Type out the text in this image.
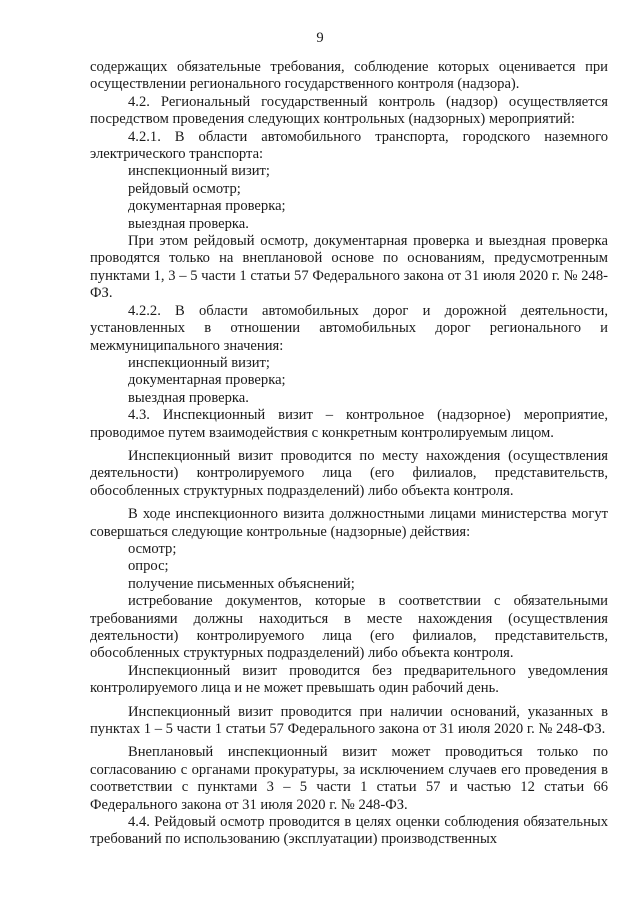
9

содержащих обязательные требования, соблюдение которых оценивается при осуществлении регионального государственного контроля (надзора).

4.2. Региональный государственный контроль (надзор) осуществляется посредством проведения следующих контрольных (надзорных) мероприятий:

4.2.1. В области автомобильного транспорта, городского наземного электрического транспорта:

инспекционный визит;

рейдовый осмотр;

документарная проверка;

выездная проверка.

При этом рейдовый осмотр, документарная проверка и выездная проверка проводятся только на внеплановой основе по основаниям, предусмотренным пунктами 1, 3 – 5 части 1 статьи 57 Федерального закона от 31 июля 2020 г. № 248-ФЗ.

4.2.2. В области автомобильных дорог и дорожной деятельности, установленных в отношении автомобильных дорог регионального и межмуниципального значения:

инспекционный визит;

документарная проверка;

выездная проверка.

4.3. Инспекционный визит – контрольное (надзорное) мероприятие, проводимое путем взаимодействия с конкретным контролируемым лицом.

Инспекционный визит проводится по месту нахождения (осуществления деятельности) контролируемого лица (его филиалов, представительств, обособленных структурных подразделений) либо объекта контроля.

В ходе инспекционного визита должностными лицами министерства могут совершаться следующие контрольные (надзорные) действия:

осмотр;

опрос;

получение письменных объяснений;

истребование документов, которые в соответствии с обязательными требованиями должны находиться в месте нахождения (осуществления деятельности) контролируемого лица (его филиалов, представительств, обособленных структурных подразделений) либо объекта контроля.

Инспекционный визит проводится без предварительного уведомления контролируемого лица и не может превышать один рабочий день.

Инспекционный визит проводится при наличии оснований, указанных в пунктах 1 – 5 части 1 статьи 57 Федерального закона от 31 июля 2020 г. № 248-ФЗ.

Внеплановый инспекционный визит может проводиться только по согласованию с органами прокуратуры, за исключением случаев его проведения в соответствии с пунктами 3 – 5 части 1 статьи 57 и частью 12 статьи 66 Федерального закона от 31 июля 2020 г. № 248-ФЗ.

4.4. Рейдовый осмотр проводится в целях оценки соблюдения обязательных требований по использованию (эксплуатации) производственных
